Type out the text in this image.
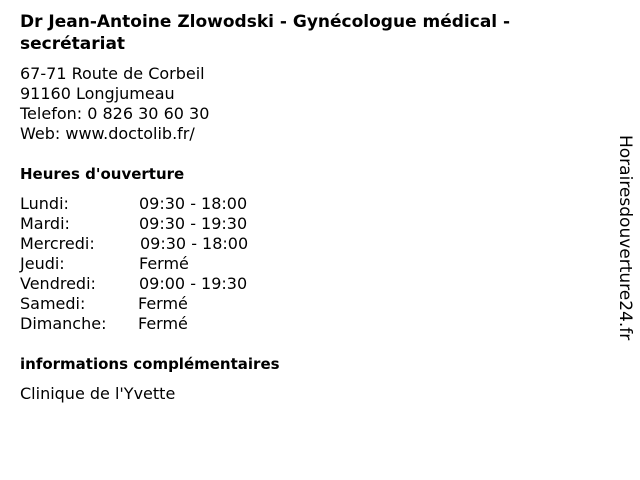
Dr Jean-Antoine Zlowodski - Gynécologue médical - secrétariat
67-71 Route de Corbeil
91160 Longjumeau
Telefon: 0 826 30 60 30
Web: www.doctolib.fr/
Heures d'ouverture
Lundi:	09:30 - 18:00
Mardi:	09:30 - 19:30
Mercredi:	09:30 - 18:00
Jeudi:	Fermé
Vendredi:	09:00 - 19:30
Samedi:	Fermé
Dimanche: Fermé
informations complémentaires
Clinique de l'Yvette
Horairesdouverture24.fr
